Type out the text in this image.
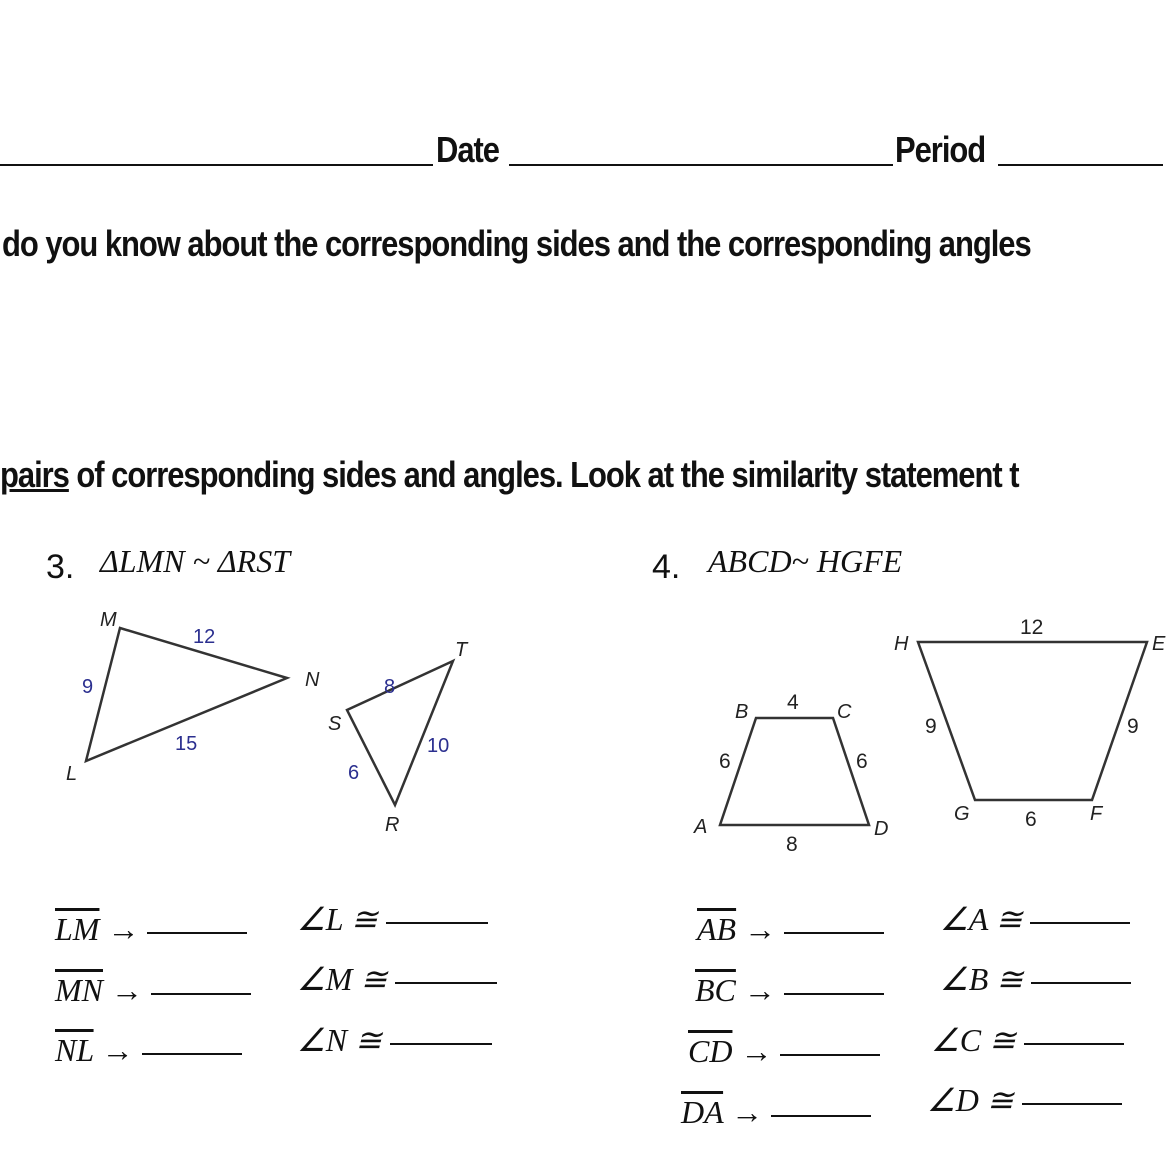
Date	Period
do you know about the corresponding sides and the corresponding angles
pairs of corresponding sides and angles. Look at the similarity statement t
3. ΔLMN ~ ΔRST	4. ABCD~ HGFE
M
N
L
T
S
R
12
9
15
8
6
10
B	C
A	D
H	E
G	F
4
6	6
8
12
9	9
6
$\overline{LM}$ →
$\overline{MN}$ →
$\overline{NL}$ →
∠L ≅
∠M ≅
∠N ≅
$\overline{AB}$ →
$\overline{BC}$ →
$\overline{CD}$ →
$\overline{DA}$ →
∠A ≅
∠B ≅
∠C ≅
∠D ≅
